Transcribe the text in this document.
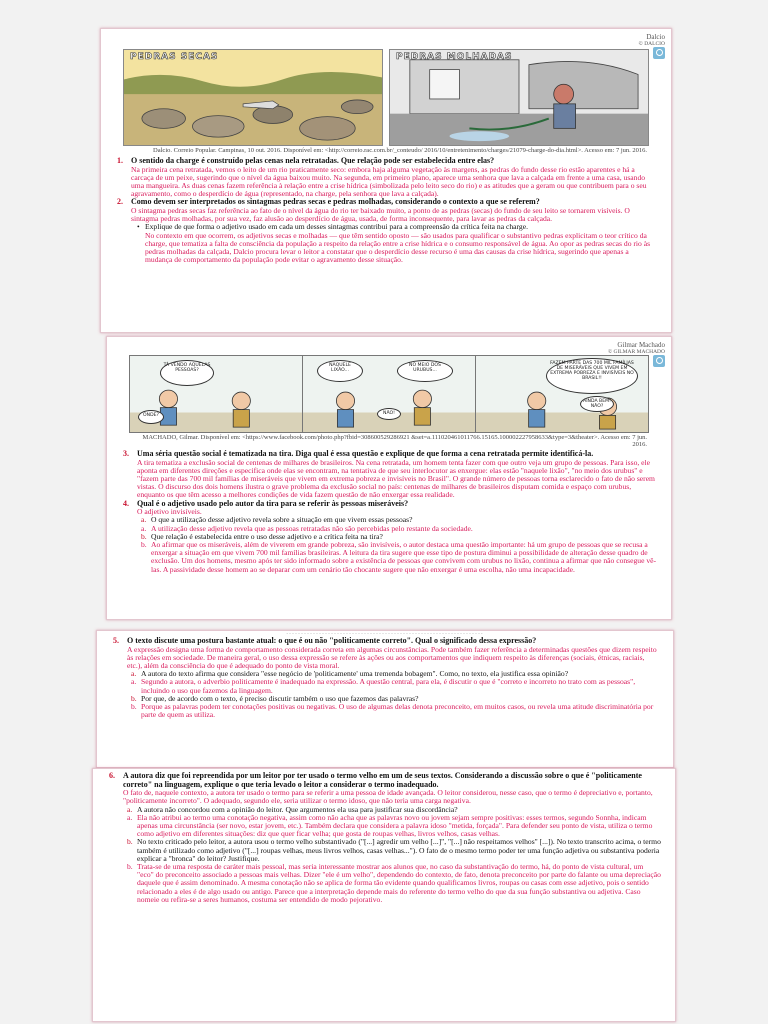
Dalcio
© DALCIO
PEDRAS SECAS	PEDRAS MOLHADAS
Dalcio. Correio Popular. Campinas, 10 out. 2016. Disponível em: <http://correio.rac.com.br/_conteudo/ 2016/10/entretenimento/charges/21079-charge-do-dia.html>. Acesso em: 7 jun. 2016.
1. O sentido da charge é construído pelas cenas nela retratadas. Que relação pode ser estabelecida entre elas?
Na primeira cena retratada, vemos o leito de um rio praticamente seco: embora haja alguma vegetação às margens, as pedras do fundo desse rio estão aparentes e há a carcaça de um peixe, sugerindo que o nível da água baixou muito. Na segunda, em primeiro plano, aparece uma senhora que lava a calçada em frente a uma casa, usando uma mangueira. As duas cenas fazem referência à relação entre a crise hídrica (simbolizada pelo leito seco do rio) e as atitudes que a geram ou que contribuem para o seu agravamento, como o desperdício de água (representado, na charge, pela senhora que lava a calçada).
2. Como devem ser interpretados os sintagmas pedras secas e pedras molhadas, considerando o contexto a que se referem?
O sintagma pedras secas faz referência ao fato de o nível da água do rio ter baixado muito, a ponto de as pedras (secas) do fundo de seu leito se tornarem visíveis. O sintagma pedras molhadas, por sua vez, faz alusão ao desperdício de água, usada, de forma inconsequente, para lavar as pedras da calçada.
• Explique de que forma o adjetivo usado em cada um desses sintagmas contribui para a compreensão da crítica feita na charge.
No contexto em que ocorrem, os adjetivos secas e molhadas — que têm sentido oposto — são usados para qualificar o substantivo pedras explicitam o teor crítico da charge, que tematiza a falta de consciência da população a respeito da relação entre a crise hídrica e o consumo responsável de água. Ao opor as pedras secas do rio às pedras molhadas da calçada, Dalcio procura levar o leitor a constatar que o desperdício desse recurso é uma das causas da crise hídrica, sugerindo que apenas a mudança de comportamento da população pode evitar o agravamento desse situação.
Gilmar Machado
© GILMAR MACHADO
TÁ VENDO AQUELAS PESSOAS?
ONDE?
NAQUELE LIXÃO...
NÃO!
NO MEIO DOS URUBUS...
FAZEM PARTE DAS 700 MIL FAMÍLIAS DE MISERÁVEIS QUE VIVEM EM EXTREMA POBREZA E INVISÍVEIS NO BRASIL!!
AINDA BEM! NÃO?
MACHADO, Gilmar. Disponível em: <https://www.facebook.com/photo.php?fbid=308600529286921 &set=a.111020461011766.15165.100002227958633&type=3&theater>. Acesso em: 7 jun. 2016.
3. Uma séria questão social é tematizada na tira. Diga qual é essa questão e explique de que forma a cena retratada permite identificá-la.
A tira tematiza a exclusão social de centenas de milhares de brasileiros. Na cena retratada, um homem tenta fazer com que outro veja um grupo de pessoas. Para isso, ele aponta em diferentes direções e especifica onde elas se encontram, na tentativa de que seu interlocutor as enxergue: elas estão "naquele lixão", "no meio dos urubus" e "fazem parte das 700 mil famílias de miseráveis que vivem em extrema pobreza e invisíveis no Brasil". O grande número de pessoas torna esclarecido o fato de não serem vistas. O discurso dos dois homens ilustra o grave problema da exclusão social no país: centenas de milhares de brasileiros disputam comida e espaço com urubus, enquanto os que têm acesso a melhores condições de vida fazem questão de não enxergar essa realidade.
4. Qual é o adjetivo usado pelo autor da tira para se referir às pessoas miseráveis?
O adjetivo invisíveis.
a. O que a utilização desse adjetivo revela sobre a situação em que vivem essas pessoas?
a. A utilização desse adjetivo revela que as pessoas retratadas não são percebidas pelo restante da sociedade.
b. Que relação é estabelecida entre o uso desse adjetivo e a crítica feita na tira?
b. Ao afirmar que os miseráveis, além de viverem em grande pobreza, são invisíveis, o autor destaca uma questão importante: há um grupo de pessoas que se recusa a enxergar a situação em que vivem 700 mil famílias brasileiras. A leitura da tira sugere que esse tipo de postura diminui a possibilidade de alteração desse quadro de exclusão. Um dos homens, mesmo após ter sido informado sobre a existência de pessoas que convivem com urubus no lixão, continua a afirmar que não consegue vê-las. A passividade desse homem ao se deparar com um cenário tão chocante sugere que não enxergar é uma escolha, não uma incapacidade.
··································································
5. O texto discute uma postura bastante atual: o que é ou não "politicamente correto". Qual o significado dessa expressão?
A expressão designa uma forma de comportamento considerada correta em algumas circunstâncias. Pode também fazer referência a determinadas questões que dizem respeito às relações em sociedade. De maneira geral, o uso dessa expressão se refere às ações ou aos comportamentos que indiquem respeito às diferenças (sociais, étnicas, raciais, etc.), além da consciência do que é adequado do ponto de vista moral.
a. A autora do texto afirma que considera "esse negócio de 'politicamente' uma tremenda bobagem". Como, no texto, ela justifica essa opinião?
a. Segundo a autora, o adverbio politicamente é inadequado na expressão. A questão central, para ela, é discutir o que é "correto e incorreto no trato com as pessoas", incluindo o uso que fazemos da linguagem.
b. Por que, de acordo com o texto, é preciso discutir também o uso que fazemos das palavras?
b. Porque as palavras podem ter conotações positivas ou negativas. O uso de algumas delas denota preconceito, em muitos casos, ou revela uma atitude discriminatória por parte de quem as utiliza.
6. A autora diz que foi repreendida por um leitor por ter usado o termo velho em um de seus textos. Considerando a discussão sobre o que é "politicamente correto" na linguagem, explique o que teria levado o leitor a considerar o termo inadequado.
O fato de, naquele contexto, a autora ter usado o termo para se referir a uma pessoa de idade avançada. O leitor considerou, nesse caso, que o termo é depreciativo e, portanto, "politicamente incorreto". O adequado, segundo ele, seria utilizar o termo idoso, que não teria uma carga negativa.
a. A autora não concordou com a opinião do leitor. Que argumentos ela usa para justificar sua discordância?
a. Ela não atribui ao termo uma conotação negativa, assim como não acha que as palavras novo ou jovem sejam sempre positivas: esses termos, segundo Sonnha, indicam apenas uma circunstância (ser novo, estar jovem, etc.). Também declara que considera a palavra idoso "metida, forçada". Para defender seu ponto de vista, utiliza o termo como adjetivo em diferentes situações: diz que quer ficar velha; que gosta de roupas velhas, livros velhos, casas velhas.
b. No texto criticado pelo leitor, a autora usou o termo velho substantivado ("[...] agredir um velho [...]", "[...] não respeitamos velhos" [...]). No texto transcrito acima, o termo também é utilizado como adjetivo ("[...] roupas velhas, meus livros velhos, casas velhas..."). O fato de o mesmo termo poder ter uma função adjetiva ou substantiva poderia explicar a "bronca" do leitor? Justifique.
b. Trata-se de uma resposta de caráter mais pessoal, mas seria interessante mostrar aos alunos que, no caso da substantivação do termo, há, do ponto de vista cultural, um "eco" do preconceito associado a pessoas mais velhas. Dizer "ele é um velho", dependendo do contexto, de fato, denota preconceito por parte do falante ou uma depreciação daquele que é assim denominado. A mesma conotação não se aplica de forma tão evidente quando qualificamos livros, roupas ou casas com esse adjetivo, pois o sentido relacionado a eles é de algo usado ou antigo. Parece que a interpretação depende mais do referente do termo velho do que da sua função substantiva ou adjetiva. Caso nomeie ou refira-se a seres humanos, costuma ser entendido de modo pejorativo.
